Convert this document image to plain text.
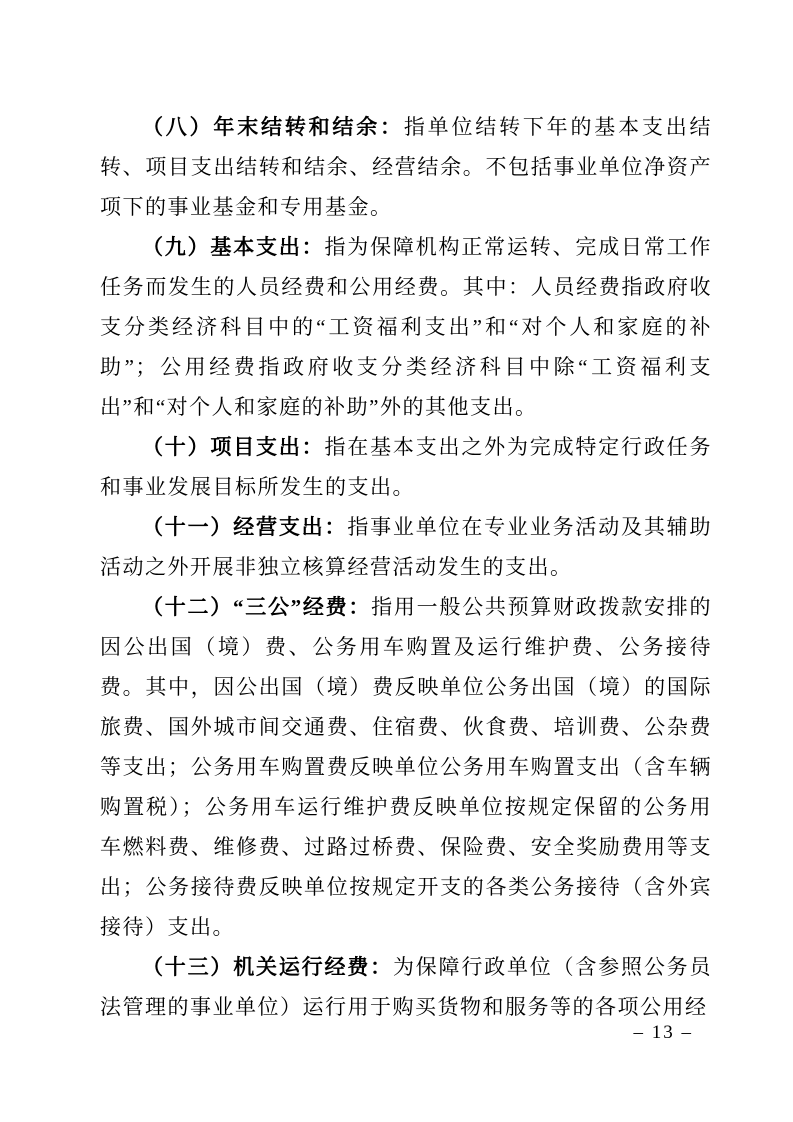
（八）年末结转和结余：指单位结转下年的基本支出结转、项目支出结转和结余、经营结余。不包括事业单位净资产项下的事业基金和专用基金。

（九）基本支出：指为保障机构正常运转、完成日常工作任务而发生的人员经费和公用经费。其中：人员经费指政府收支分类经济科目中的“工资福利支出”和“对个人和家庭的补助”；公用经费指政府收支分类经济科目中除“工资福利支出”和“对个人和家庭的补助”外的其他支出。

（十）项目支出：指在基本支出之外为完成特定行政任务和事业发展目标所发生的支出。

（十一）经营支出：指事业单位在专业业务活动及其辅助活动之外开展非独立核算经营活动发生的支出。

（十二）“三公”经费：指用一般公共预算财政拨款安排的因公出国（境）费、公务用车购置及运行维护费、公务接待费。其中，因公出国（境）费反映单位公务出国（境）的国际旅费、国外城市间交通费、住宿费、伙食费、培训费、公杂费等支出；公务用车购置费反映单位公务用车购置支出（含车辆购置税）；公务用车运行维护费反映单位按规定保留的公务用车燃料费、维修费、过路过桥费、保险费、安全奖励费用等支出；公务接待费反映单位按规定开支的各类公务接待（含外宾接待）支出。

（十三）机关运行经费：为保障行政单位（含参照公务员法管理的事业单位）运行用于购买货物和服务等的各项公用经

– 13 –
